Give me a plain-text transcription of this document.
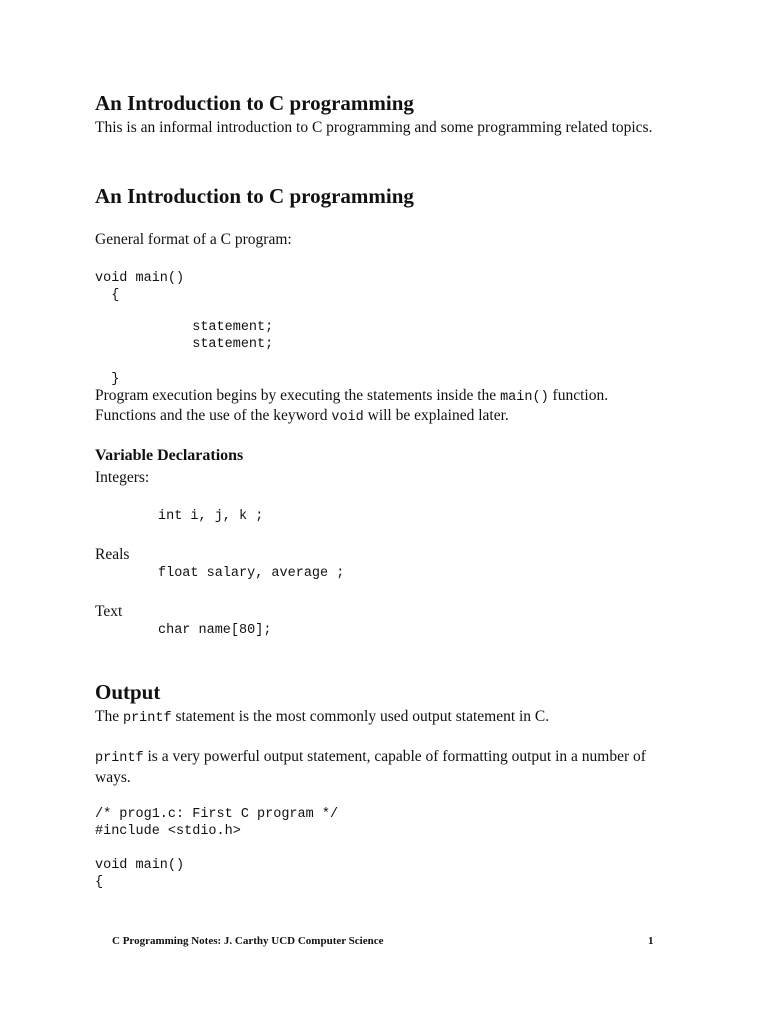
An Introduction to C programming
This is an informal introduction to C programming and some programming related topics.
An Introduction to C programming
General format of a C program:
void main()
{
statement;
statement;
}
Program execution begins by executing the statements inside the main() function.
Functions and the use of the keyword void will be explained later.
Variable Declarations
Integers:
int i, j, k ;
Reals
float salary, average ;
Text
char name[80];
Output
The printf statement is the most commonly used output statement in C.
printf is a very powerful output statement, capable of formatting output in a number of ways.
/* prog1.c: First C program */
#include <stdio.h>
void main()
{
C Programming Notes: J. Carthy UCD Computer Science	1
